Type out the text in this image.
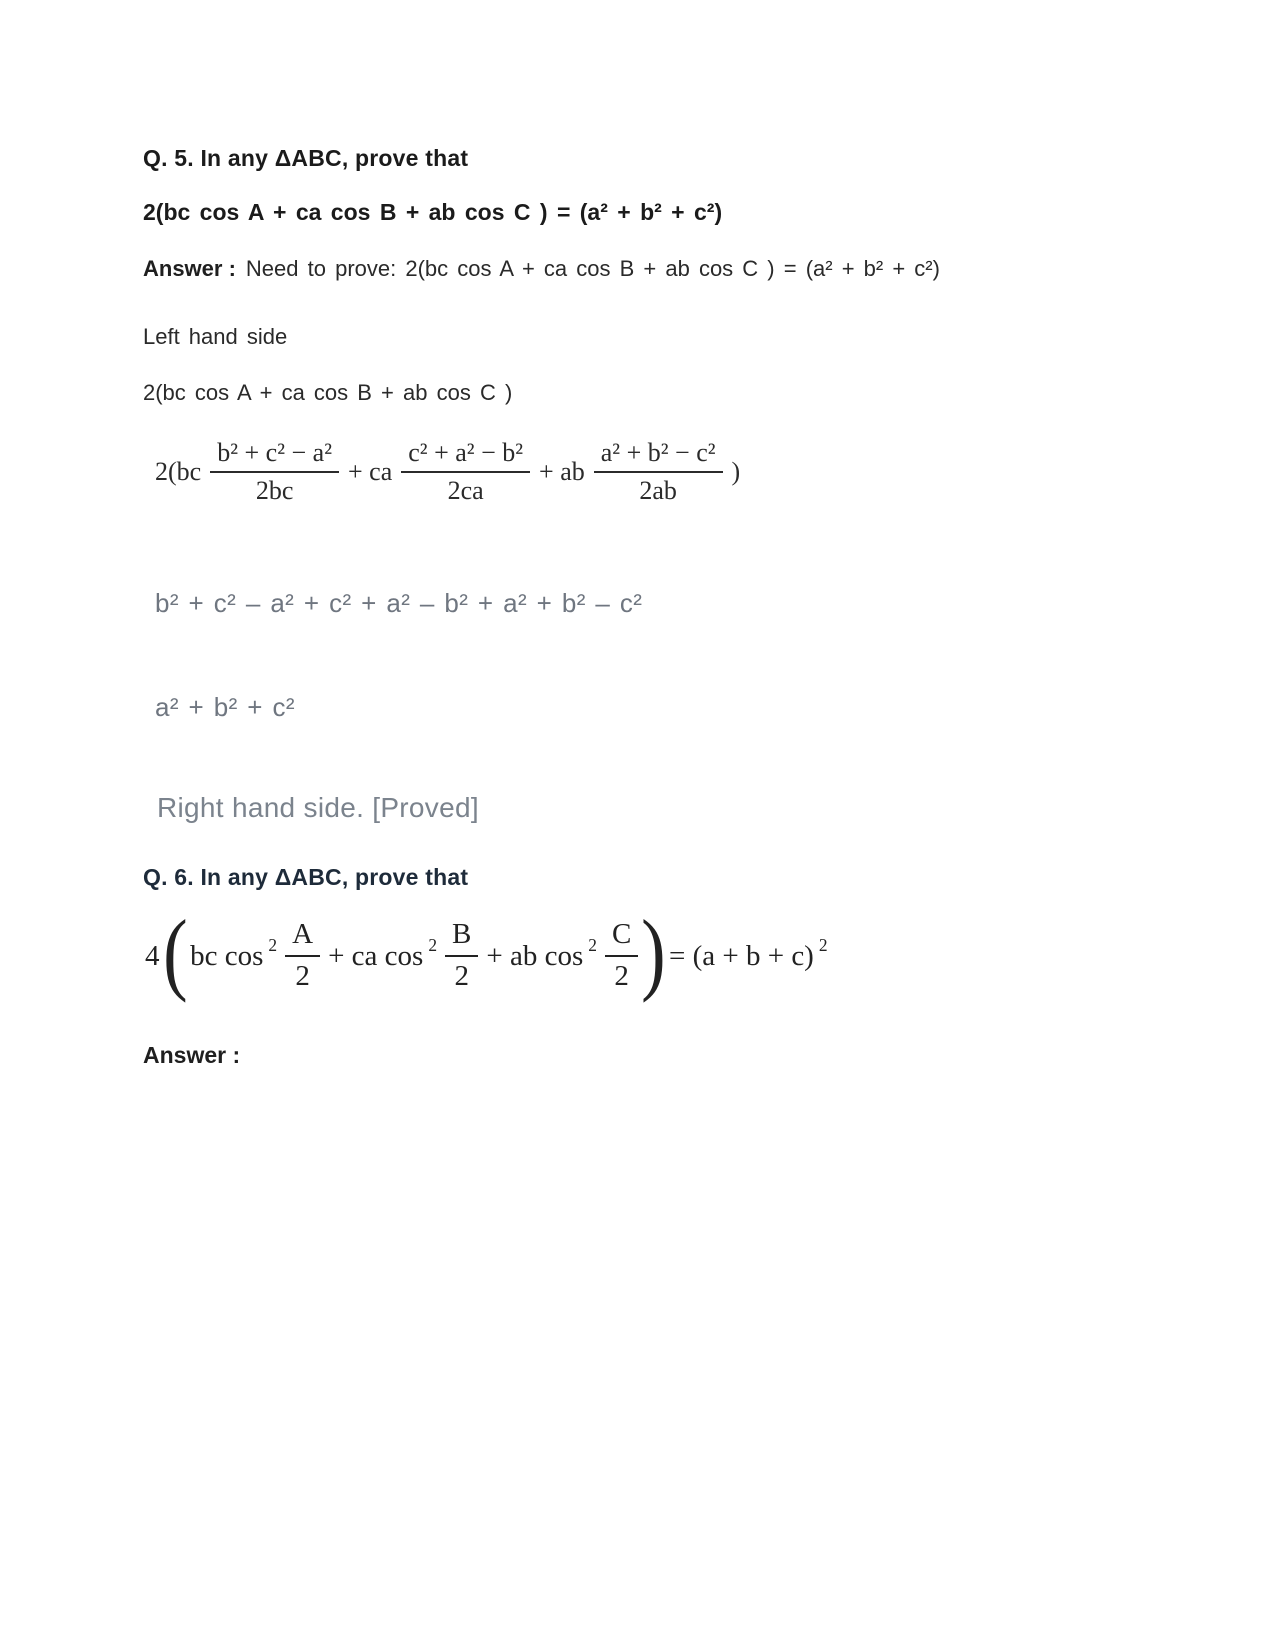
Q. 5. In any ΔABC, prove that
2(bc cos A + ca cos B + ab cos C ) = (a² + b² + c²)
Answer : Need to prove: 2(bc cos A + ca cos B + ab cos C ) = (a² + b² + c²)
Left hand side
2(bc cos A + ca cos B + ab cos C )
$2(bc \frac{\text{b² + c² − a²}}{2bc}$ + ca $\frac{\text{c² + a² − b²}}{2ca}$ + ab $\frac{\text{a² + b² − c²}}{2ab}$ )
b² + c² – a² + c² + a² – b² + a² + b² – c²
a² + b² + c²
Right hand side. [Proved]
Q. 6. In any ΔABC, prove that
4 ( bc $\cos 2 \frac{A}{2}$ + ca $\cos 2 \frac{B}{2}$ + ab $\cos 2 \frac{C}{2}$ ) = (a + b + c) 2
Answer :
